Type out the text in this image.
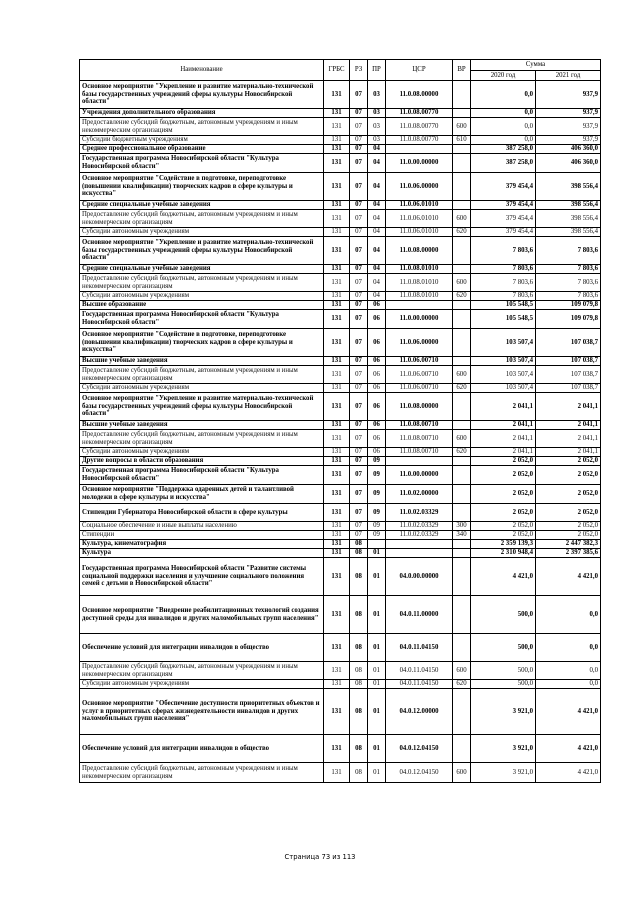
Наименование	ГРБС	РЗ	ПР	ЦСР	ВР	Сумма	
						2020 год	2021 год
Основное мероприятие "Укрепление и развитие материально-технической базы государственных учреждений сферы культуры Новосибирской области"	131	07	03	11.0.08.00000		0,0	937,9
Учреждения дополнительного образования	131	07	03	11.0.08.00770		0,0	937,9
Предоставление субсидий бюджетным, автономным учреждениям и иным некоммерческим организациям	131	07	03	11.0.08.00770	600	0,0	937,9
Субсидии бюджетным учреждениям	131	07	03	11.0.08.00770	610	0,0	937,9
Среднее профессиональное образование	131	07	04			387 258,0	406 360,0
Государственная программа Новосибирской области "Культура Новосибирской области"	131	07	04	11.0.00.00000		387 258,0	406 360,0
Основное мероприятие "Содействие в подготовке, переподготовке (повышении квалификации) творческих кадров в сфере культуры и искусства"	131	07	04	11.0.06.00000		379 454,4	398 556,4
Средние специальные учебные заведения	131	07	04	11.0.06.01010		379 454,4	398 556,4
Предоставление субсидий бюджетным, автономным учреждениям и иным некоммерческим организациям	131	07	04	11.0.06.01010	600	379 454,4	398 556,4
Субсидии автономным учреждениям	131	07	04	11.0.06.01010	620	379 454,4	398 556,4
Основное мероприятие "Укрепление и развитие материально-технической базы государственных учреждений сферы культуры Новосибирской области"	131	07	04	11.0.08.00000		7 803,6	7 803,6
Средние специальные учебные заведения	131	07	04	11.0.08.01010		7 803,6	7 803,6
Предоставление субсидий бюджетным, автономным учреждениям и иным некоммерческим организациям	131	07	04	11.0.08.01010	600	7 803,6	7 803,6
Субсидии автономным учреждениям	131	07	04	11.0.08.01010	620	7 803,6	7 803,6
Высшее образование	131	07	06			105 548,5	109 079,8
Государственная программа Новосибирской области "Культура Новосибирской области"	131	07	06	11.0.00.00000		105 548,5	109 079,8
Основное мероприятие "Содействие в подготовке, переподготовке (повышении квалификации) творческих кадров в сфере культуры и искусства"	131	07	06	11.0.06.00000		103 507,4	107 038,7
Высшие учебные заведения	131	07	06	11.0.06.00710		103 507,4	107 038,7
Предоставление субсидий бюджетным, автономным учреждениям и иным некоммерческим организациям	131	07	06	11.0.06.00710	600	103 507,4	107 038,7
Субсидии автономным учреждениям	131	07	06	11.0.06.00710	620	103 507,4	107 038,7
Основное мероприятие "Укрепление и развитие материально-технической базы государственных учреждений сферы культуры Новосибирской области"	131	07	06	11.0.08.00000		2 041,1	2 041,1
Высшие учебные заведения	131	07	06	11.0.08.00710		2 041,1	2 041,1
Предоставление субсидий бюджетным, автономным учреждениям и иным некоммерческим организациям	131	07	06	11.0.08.00710	600	2 041,1	2 041,1
Субсидии автономным учреждениям	131	07	06	11.0.08.00710	620	2 041,1	2 041,1
Другие вопросы в области образования	131	07	09			2 052,0	2 052,0
Государственная программа Новосибирской области "Культура Новосибирской области"	131	07	09	11.0.00.00000		2 052,0	2 052,0
Основное мероприятие "Поддержка одаренных детей и талантливой молодежи в сфере культуры и искусства"	131	07	09	11.0.02.00000		2 052,0	2 052,0
Стипендии Губернатора Новосибирской области в сфере культуры	131	07	09	11.0.02.03329		2 052,0	2 052,0
Социальное обеспечение и иные выплаты населению	131	07	09	11.0.02.03329	300	2 052,0	2 052,0
Стипендии	131	07	09	11.0.02.03329	340	2 052,0	2 052,0
Культура, кинематография	131	08				2 359 139,3	2 447 382,3
Культура	131	08	01			2 310 948,4	2 397 385,6
Государственная программа Новосибирской области "Развитие системы социальной поддержки населения и улучшение социального положения семей с детьми в Новосибирской области"	131	08	01	04.0.00.00000		4 421,0	4 421,0
Основное мероприятие "Внедрение реабилитационных технологий создания доступной среды для инвалидов и других маломобильных групп населения"	131	08	01	04.0.11.00000		500,0	0,0
Обеспечение условий для интеграции инвалидов в общество	131	08	01	04.0.11.04150		500,0	0,0
Предоставление субсидий бюджетным, автономным учреждениям и иным некоммерческим организациям	131	08	01	04.0.11.04150	600	500,0	0,0
Субсидии автономным учреждениям	131	08	01	04.0.11.04150	620	500,0	0,0
Основное мероприятие "Обеспечение доступности приоритетных объектов и услуг в приоритетных сферах жизнедеятельности инвалидов и других маломобильных групп населения"	131	08	01	04.0.12.00000		3 921,0	4 421,0
Обеспечение условий для интеграции инвалидов в общество	131	08	01	04.0.12.04150		3 921,0	4 421,0
Предоставление субсидий бюджетным, автономным учреждениям и иным некоммерческим организациям	131	08	01	04.0.12.04150	600	3 921,0	4 421,0
Страница 73 из 113
